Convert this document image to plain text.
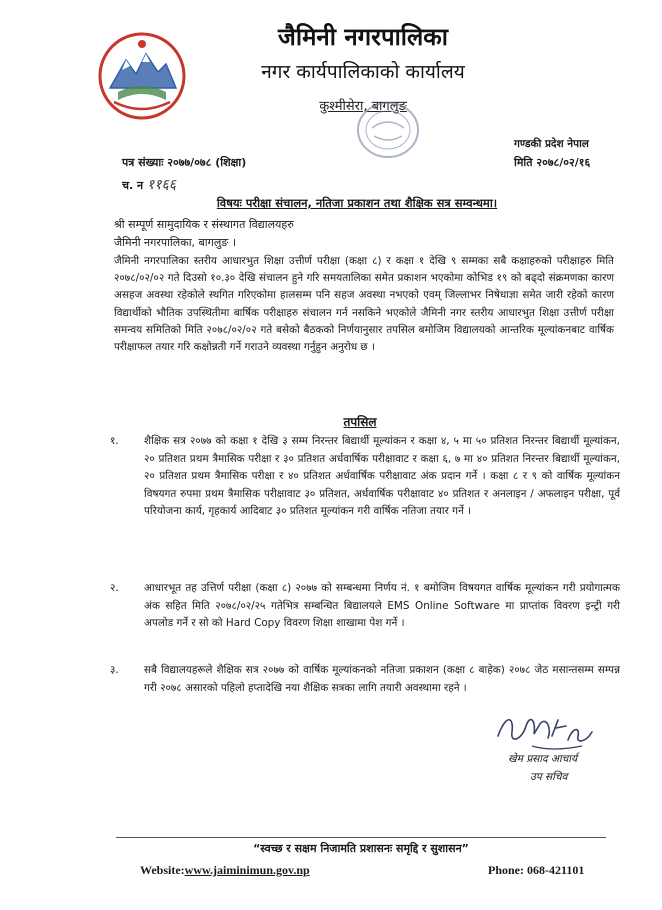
जैमिनी नगरपालिका
नगर कार्यपालिकाको कार्यालय
कुश्मीसेरा, बागलुङ
गण्डकी प्रदेश नेपाल
पत्र संख्याः २०७७/०७८ (शिक्षा)	मिति २०७८/०२/१६
च. न ११६६
विषयः परीक्षा संचालन, नतिजा प्रकाशन तथा शैक्षिक सत्र सम्वन्धमा।
श्री सम्पूर्ण सामुदायिक र संस्थागत विद्यालयहरु
जैमिनी नगरपालिका, बागलुङ ।
जैमिनी नगरपालिका स्तरीय आधारभुत शिक्षा उत्तीर्ण परीक्षा (कक्षा ८) र कक्षा १ देखि ९ सम्मका सबै कक्षाहरुको परीक्षाहरु मिति २०७८/०२/०२ गते दिउसो १०.३० देखि संचालन हुने गरि समयतालिका समेत प्रकाशन भएकोमा कोभिड १९ को बढ्दो संक्रमणका कारण असहज अवस्था रहेकोले स्थगित गरिएकोमा हालसम्म पनि सहज अवस्था नभएको एवम् जिल्लाभर निषेधाज्ञा समेत जारी रहेको कारण विद्यार्थीको भौतिक उपस्थितीमा बार्षिक परीक्षाहरु संचालन गर्न नसकिने भएकोले जैमिनी नगर स्तरीय आधारभुत शिक्षा उत्तीर्ण परीक्षा समन्वय समितिको मिति २०७८/०२/०२ गते बसेको बैठकको निर्णयानुसार तपसिल बमोजिम विद्यालयको आन्तरिक मूल्यांकनबाट वार्षिक परीक्षाफल तयार गरि कक्षोन्नती गर्ने गराउने व्यवस्था गर्नुहुन अनुरोध छ ।
तपसिल
१.	शैक्षिक सत्र २०७७ को कक्षा १ देखि ३ सम्म निरन्तर बिद्यार्थी मूल्यांकन र कक्षा ४, ५ मा ५० प्रतिशत निरन्तर बिद्यार्थी मूल्यांकन, २० प्रतिशत प्रथम त्रैमासिक परीक्षा र ३० प्रतिशत अर्धवार्षिक परीक्षावाट र कक्षा ६, ७ मा ४० प्रतिशत निरन्तर बिद्यार्थी मूल्यांकन, २० प्रतिशत प्रथम त्रैमासिक परीक्षा र ४० प्रतिशत अर्धवार्षिक परीक्षावाट अंक प्रदान गर्ने । कक्षा ८ र ९ को वार्षिक मूल्यांकन विषयगत रुपमा प्रथम त्रैमासिक परीक्षावाट ३० प्रतिशत, अर्धवार्षिक परीक्षावाट ४० प्रतिशत र अनलाइन / अफलाइन परीक्षा, पूर्व परियोजना कार्य, गृहकार्य आदिबाट ३० प्रतिशत मूल्यांकन गरी वार्षिक नतिजा तयार गर्ने ।
२.	आधारभूत तह उत्तिर्ण परीक्षा (कक्षा ८) २०७७ को सम्बन्धमा निर्णय नं. १ बमोजिम विषयगत वार्षिक मूल्यांकन गरी प्रयोगात्मक अंक सहित मिति २०७८/०२/२५ गतेभित्र सम्बन्धित बिद्यालयले EMS Online Software मा प्राप्तांक विवरण इन्ट्री गरी अपलोड गर्ने र सो को Hard Copy विवरण शिक्षा शाखामा पेश गर्ने ।
३.	सबै विद्यालयहरूले शैक्षिक सत्र २०७७ को वार्षिक मूल्यांकनको नतिजा प्रकाशन (कक्षा ८ बाहेक) २०७८ जेठ मसान्तसम्म सम्पन्न गरी २०७८ असारको पहिलो हप्तादेखि नया शैक्षिक सत्रका लागि तयारी अवस्थामा रहने ।
खेम प्रसाद आचार्य
उप सचिव
“स्वच्छ र सक्षम निजामति प्रशासनः समृद्दि र सुशासन”
Website:www.jaiminimun.gov.np	Phone: 068-421101
